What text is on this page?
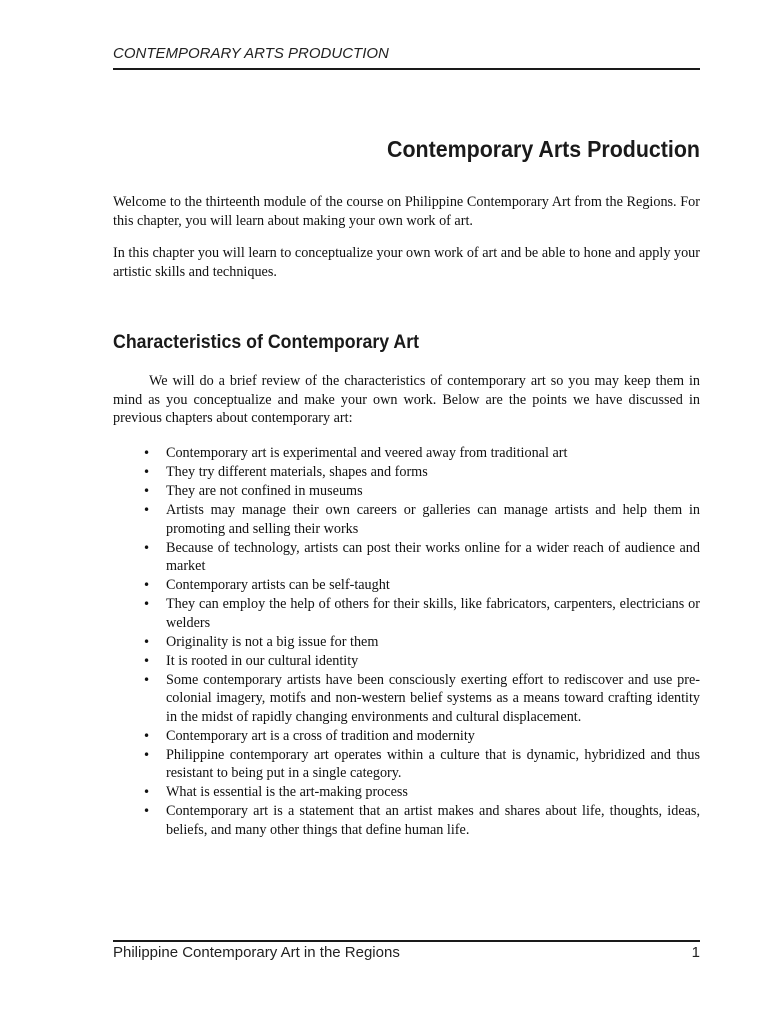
CONTEMPORARY ARTS PRODUCTION
Contemporary Arts Production

Welcome to the thirteenth module of the course on Philippine Contemporary Art from the Regions. For this chapter, you will learn about making your own work of art.

In this chapter you will learn to conceptualize your own work of art and be able to hone and apply your artistic skills and techniques.

Characteristics of Contemporary Art

We will do a brief review of the characteristics of contemporary art so you may keep them in mind as you conceptualize and make your own work. Below are the points we have discussed in previous chapters about contemporary art:

• Contemporary art is experimental and veered away from traditional art
• They try different materials, shapes and forms
• They are not confined in museums
• Artists may manage their own careers or galleries can manage artists and help them in promoting and selling their works
• Because of technology, artists can post their works online for a wider reach of audience and market
• Contemporary artists can be self-taught
• They can employ the help of others for their skills, like fabricators, carpenters, electricians or welders
• Originality is not a big issue for them
• It is rooted in our cultural identity
• Some contemporary artists have been consciously exerting effort to rediscover and use pre-colonial imagery, motifs and non-western belief systems as a means toward crafting identity in the midst of rapidly changing environments and cultural displacement.
• Contemporary art is a cross of tradition and modernity
• Philippine contemporary art operates within a culture that is dynamic, hybridized and thus resistant to being put in a single category.
• What is essential is the art-making process
• Contemporary art is a statement that an artist makes and shares about life, thoughts, ideas, beliefs, and many other things that define human life.
Philippine Contemporary Art in the Regions	1
